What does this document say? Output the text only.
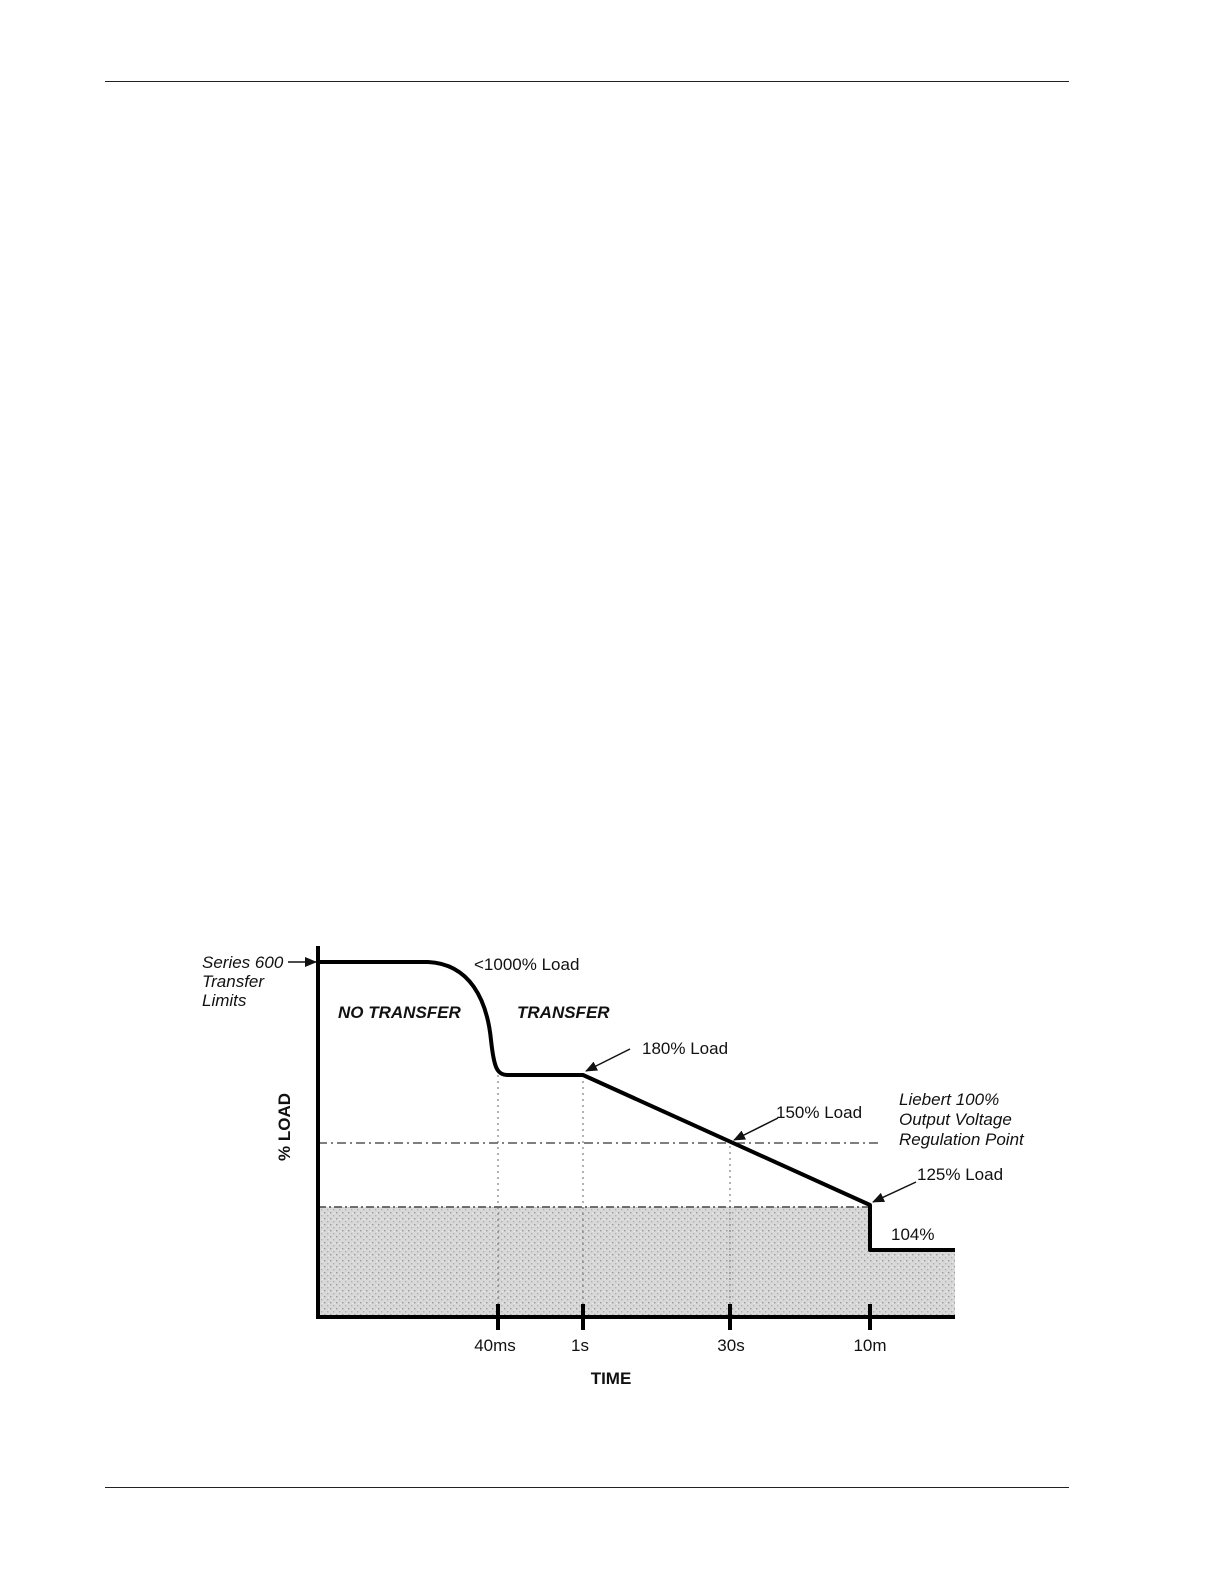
Series 600 Transfer Limits
NO TRANSFER	TRANSFER
<1000% Load
180% Load
150% Load
125% Load
104%
Liebert 100% Output Voltage Regulation Point
40ms	1s	30s	10m
TIME
% LOAD
